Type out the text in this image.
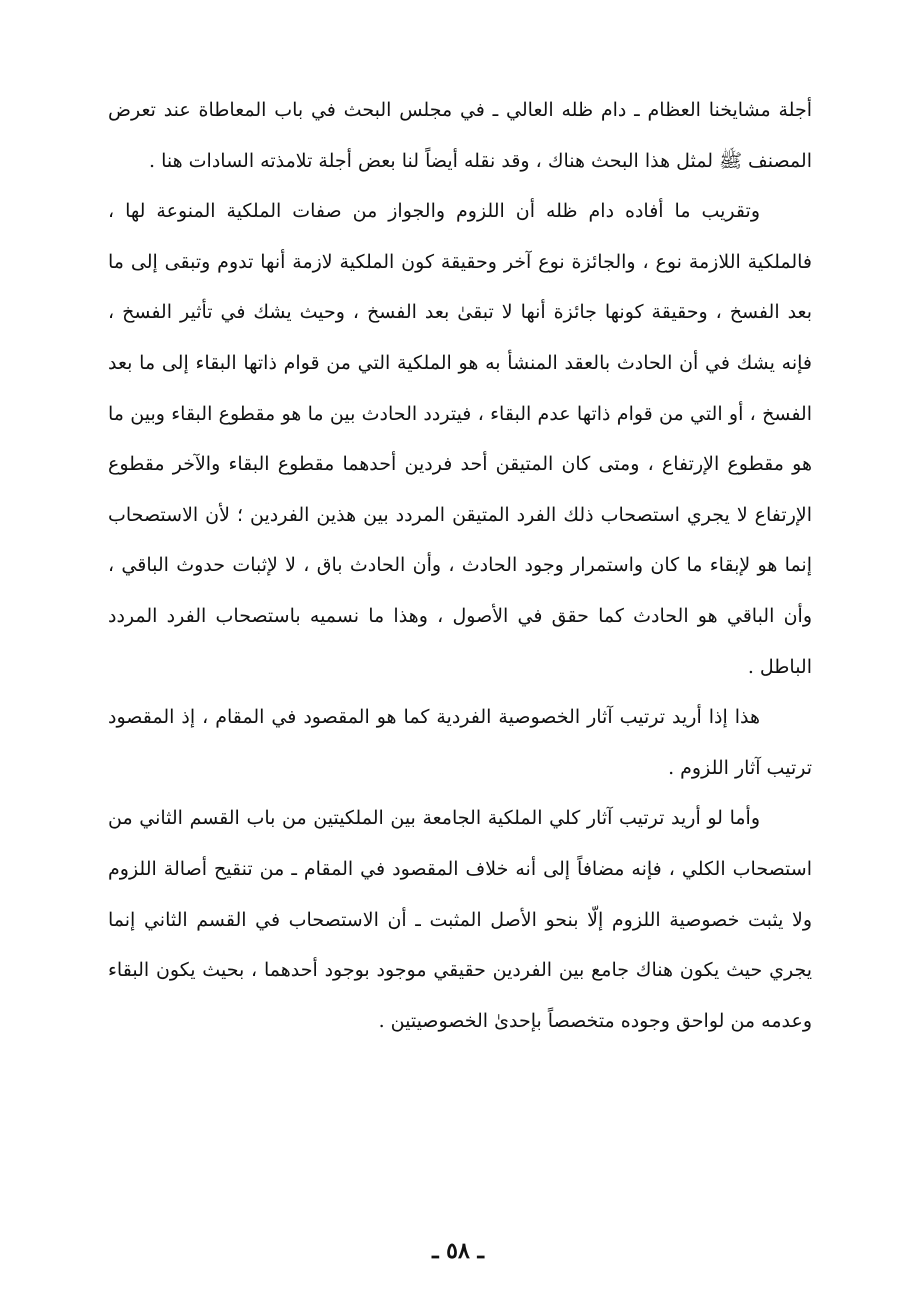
أجلة مشايخنا العظام ـ دام ظله العالي ـ في مجلس البحث في باب المعاطاة عند تعرض المصنف ﷺ لمثل هذا البحث هناك ، وقد نقله أيضاً لنا بعض أجلة تلامذته السادات هنا .

وتقريب ما أفاده دام ظله أن اللزوم والجواز من صفات الملكية المنوعة لها ، فالملكية اللازمة نوع ، والجائزة نوع آخر وحقيقة كون الملكية لازمة أنها تدوم وتبقى إلى ما بعد الفسخ ، وحقيقة كونها جائزة أنها لا تبقىٰ بعد الفسخ ، وحيث يشك في تأثير الفسخ ، فإنه يشك في أن الحادث بالعقد المنشأ به هو الملكية التي من قوام ذاتها البقاء إلى ما بعد الفسخ ، أو التي من قوام ذاتها عدم البقاء ، فيتردد الحادث بين ما هو مقطوع البقاء وبين ما هو مقطوع الإرتفاع ، ومتى كان المتيقن أحد فردين أحدهما مقطوع البقاء والآخر مقطوع الإرتفاع لا يجري استصحاب ذلك الفرد المتيقن المردد بين هذين الفردين ؛ لأن الاستصحاب إنما هو لإبقاء ما كان واستمرار وجود الحادث ، وأن الحادث باق ، لا لإثبات حدوث الباقي ، وأن الباقي هو الحادث كما حقق في الأصول ، وهذا ما نسميه باستصحاب الفرد المردد الباطل .

هذا إذا أريد ترتيب آثار الخصوصية الفردية كما هو المقصود في المقام ، إذ المقصود ترتيب آثار اللزوم .

وأما لو أريد ترتيب آثار كلي الملكية الجامعة بين الملكيتين من باب القسم الثاني من استصحاب الكلي ، فإنه مضافاً إلى أنه خلاف المقصود في المقام ـ من تنقيح أصالة اللزوم ولا يثبت خصوصية اللزوم إلّا بنحو الأصل المثبت ـ أن الاستصحاب في القسم الثاني إنما يجري حيث يكون هناك جامع بين الفردين حقيقي موجود بوجود أحدهما ، بحيث يكون البقاء وعدمه من لواحق وجوده متخصصاً بإحدىٰ الخصوصيتين .

ـ ٥٨ ـ
